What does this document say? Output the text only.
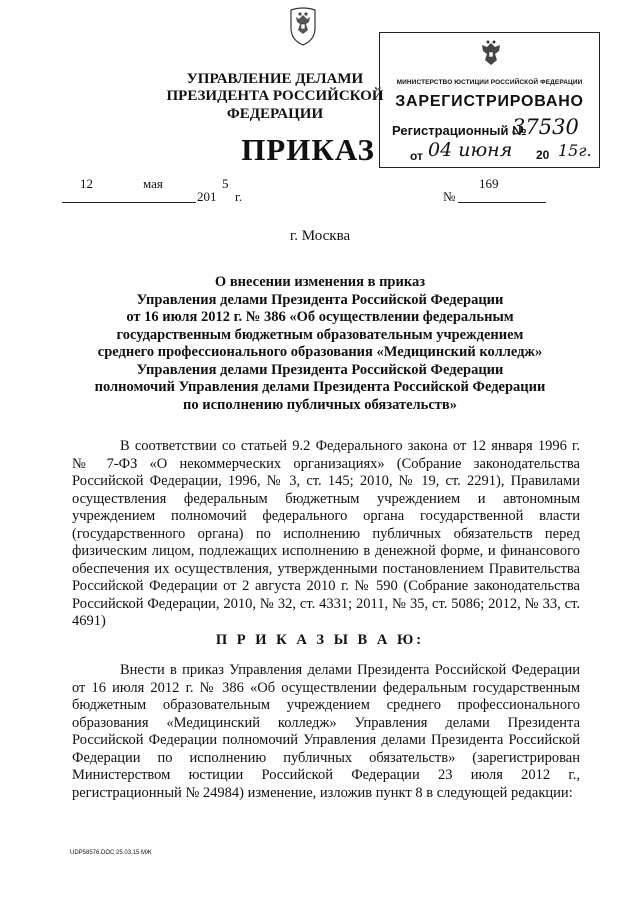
УПРАВЛЕНИЕ ДЕЛАМИ
ПРЕЗИДЕНТА РОССИЙСКОЙ ФЕДЕРАЦИИ
ПРИКАЗ
МИНИСТЕРСТВО ЮСТИЦИИ РОССИЙСКОЙ ФЕДЕРАЦИИ
ЗАРЕГИСТРИРОВАНО
Регистрационный №
37530
от 04 июня 20 15г.
12	мая	5
201 г.
169
№
г. Москва
О внесении изменения в приказ
Управления делами Президента Российской Федерации
от 16 июля 2012 г. № 386 «Об осуществлении федеральным
государственным бюджетным образовательным учреждением
среднего профессионального образования «Медицинский колледж»
Управления делами Президента Российской Федерации
полномочий Управления делами Президента Российской Федерации
по исполнению публичных обязательств»
В соответствии со статьей 9.2 Федерального закона от 12 января 1996 г. № 7-ФЗ «О некоммерческих организациях» (Собрание законодательства Российской Федерации, 1996, № 3, ст. 145; 2010, № 19, ст. 2291), Правилами осуществления федеральным бюджетным учреждением и автономным учреждением полномочий федерального органа государственной власти (государственного органа) по исполнению публичных обязательств перед физическим лицом, подлежащих исполнению в денежной форме, и финансового обеспечения их осуществления, утвержденными постановлением Правительства Российской Федерации от 2 августа 2010 г. № 590 (Собрание законодательства Российской Федерации, 2010, № 32, ст. 4331; 2011, № 35, ст. 5086; 2012, № 33, ст. 4691)
П Р И К А З Ы В А Ю:
Внести в приказ Управления делами Президента Российской Федерации от 16 июля 2012 г. № 386 «Об осуществлении федеральным государственным бюджетным образовательным учреждением среднего профессионального образования «Медицинский колледж» Управления делами Президента Российской Федерации полномочий Управления делами Президента Российской Федерации по исполнению публичных обязательств» (зарегистрирован Министерством юстиции Российской Федерации 23 июля 2012 г., регистрационный № 24984) изменение, изложив пункт 8 в следующей редакции:
UDP58576.DOC 25.03.15 МЖ
